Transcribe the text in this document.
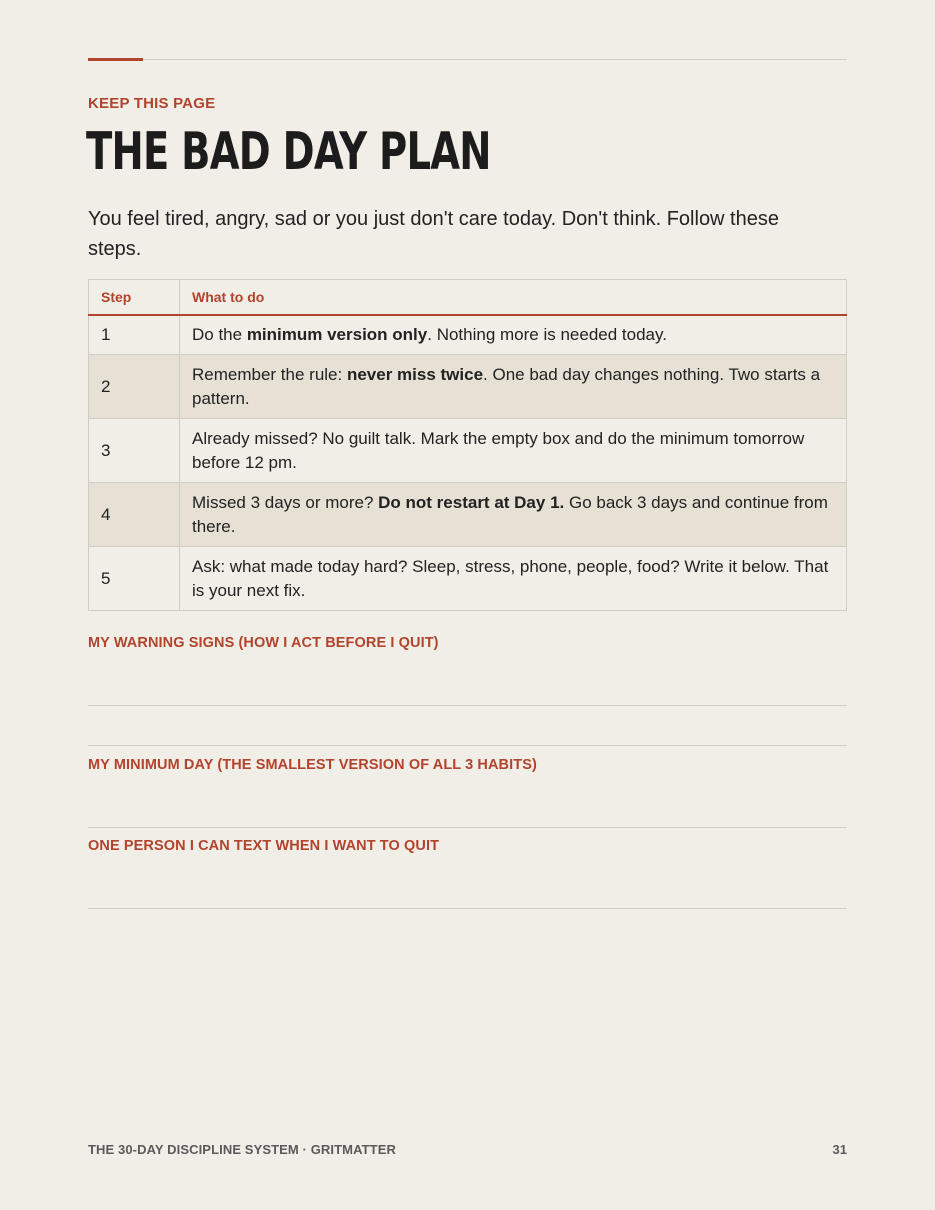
KEEP THIS PAGE
THE BAD DAY PLAN
You feel tired, angry, sad or you just don't care today. Don't think. Follow these steps.
Step	What to do
1	Do the minimum version only. Nothing more is needed today.
2	Remember the rule: never miss twice. One bad day changes nothing. Two starts a pattern.
3	Already missed? No guilt talk. Mark the empty box and do the minimum tomorrow before 12 pm.
4	Missed 3 days or more? Do not restart at Day 1. Go back 3 days and continue from there.
5	Ask: what made today hard? Sleep, stress, phone, people, food? Write it below. That is your next fix.
MY WARNING SIGNS (HOW I ACT BEFORE I QUIT)
MY MINIMUM DAY (THE SMALLEST VERSION OF ALL 3 HABITS)
ONE PERSON I CAN TEXT WHEN I WANT TO QUIT
THE 30-DAY DISCIPLINE SYSTEM · GRITMATTER	31
